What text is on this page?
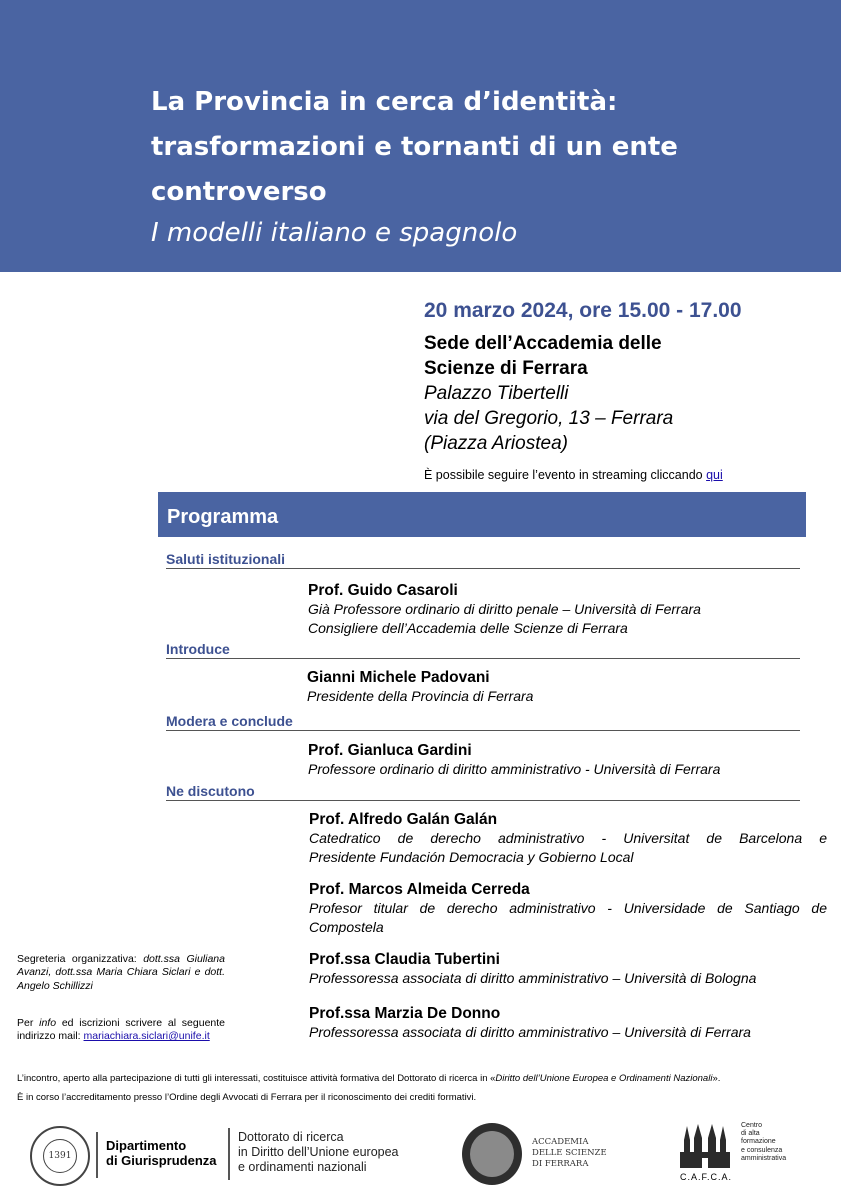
La Provincia in cerca d’identità:
trasformazioni e tornanti di un ente
controverso
I modelli italiano e spagnolo
20 marzo 2024, ore 15.00 - 17.00
Sede dell’Accademia delle
Scienze di Ferrara
Palazzo Tibertelli
via del Gregorio, 13 – Ferrara
(Piazza Ariostea)
È possibile seguire l’evento in streaming cliccando qui
Programma
Saluti istituzionali
Prof. Guido Casaroli
Già Professore ordinario di diritto penale – Università di Ferrara
Consigliere dell’Accademia delle Scienze di Ferrara
Introduce
Gianni Michele Padovani
Presidente della Provincia di Ferrara
Modera e conclude
Prof. Gianluca Gardini
Professore ordinario di diritto amministrativo - Università di Ferrara
Ne discutono
Prof. Alfredo Galán Galán
Catedratico de derecho administrativo - Universitat de Barcelona e
Presidente Fundación Democracia y Gobierno Local
Prof. Marcos Almeida Cerreda
Profesor titular de derecho administrativo - Universidade de Santiago de
Compostela
Prof.ssa Claudia Tubertini
Professoressa associata di diritto amministrativo – Università di Bologna
Prof.ssa Marzia De Donno
Professoressa associata di diritto amministrativo – Università di Ferrara
Segreteria organizzativa: dott.ssa Giuliana Avanzi, dott.ssa Maria Chiara Siclari e dott. Angelo Schillizzi
Per info ed iscrizioni scrivere al seguente indirizzo mail: mariachiara.siclari@unife.it
L’incontro, aperto alla partecipazione di tutti gli interessati, costituisce attività formativa del Dottorato di ricerca in «Diritto dell’Unione Europea e Ordinamenti Nazionali».
È in corso l’accreditamento presso l’Ordine degli Avvocati di Ferrara per il riconoscimento dei crediti formativi.
1391
Dipartimento
di Giurisprudenza
Dottorato di ricerca
in Diritto dell’Unione europea
e ordinamenti nazionali
ACCADEMIA
DELLE SCIENZE
DI FERRARA
C.A.F.C.A.
Centro
di alta
formazione
e consulenza
amministrativa
